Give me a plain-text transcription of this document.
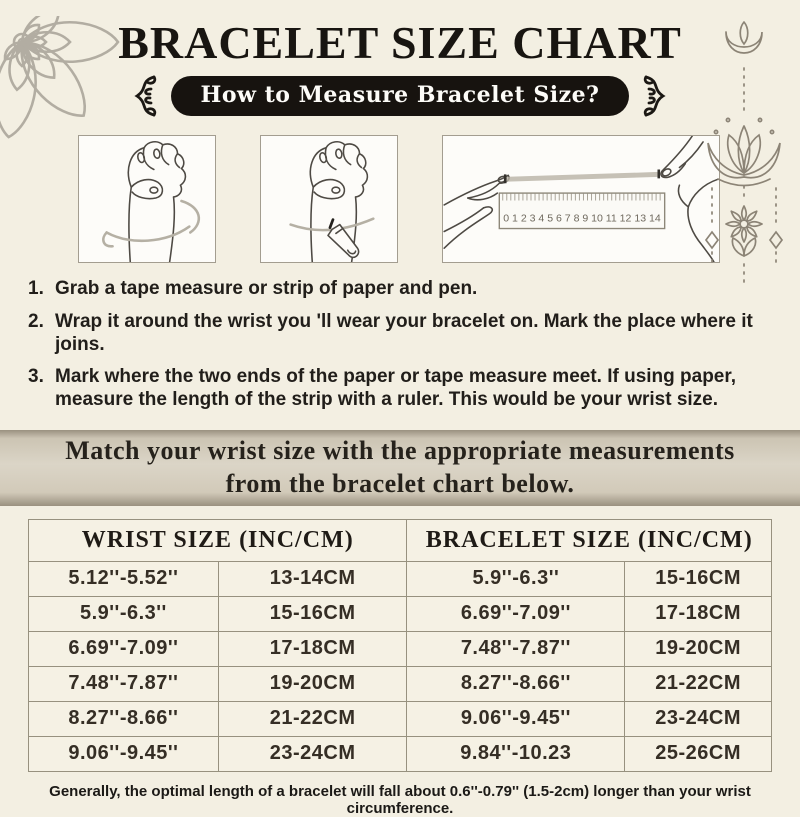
BRACELET SIZE CHART
How to Measure Bracelet Size?
0 1 2 3 4 5 6 7 8 9 10 11 12 13 14
1. Grab a tape measure or strip of paper and pen.
2. Wrap it around the wrist you 'll wear your bracelet on. Mark the place where it joins.
3. Mark where the two ends of the paper or tape measure meet. If using paper, measure the length of the strip with a ruler. This would be your wrist size.
Match your wrist size with the appropriate measurements from the bracelet chart below.
WRIST SIZE (INC/CM)		BRACELET SIZE (INC/CM)	
5.12''-5.52''	13-14CM	5.9''-6.3''	15-16CM
5.9''-6.3''	15-16CM	6.69''-7.09''	17-18CM
6.69''-7.09''	17-18CM	7.48''-7.87''	19-20CM
7.48''-7.87''	19-20CM	8.27''-8.66''	21-22CM
8.27''-8.66''	21-22CM	9.06''-9.45''	23-24CM
9.06''-9.45''	23-24CM	9.84''-10.23	25-26CM
Generally, the optimal length of a bracelet will fall about 0.6''-0.79'' (1.5-2cm) longer than your wrist circumference.
